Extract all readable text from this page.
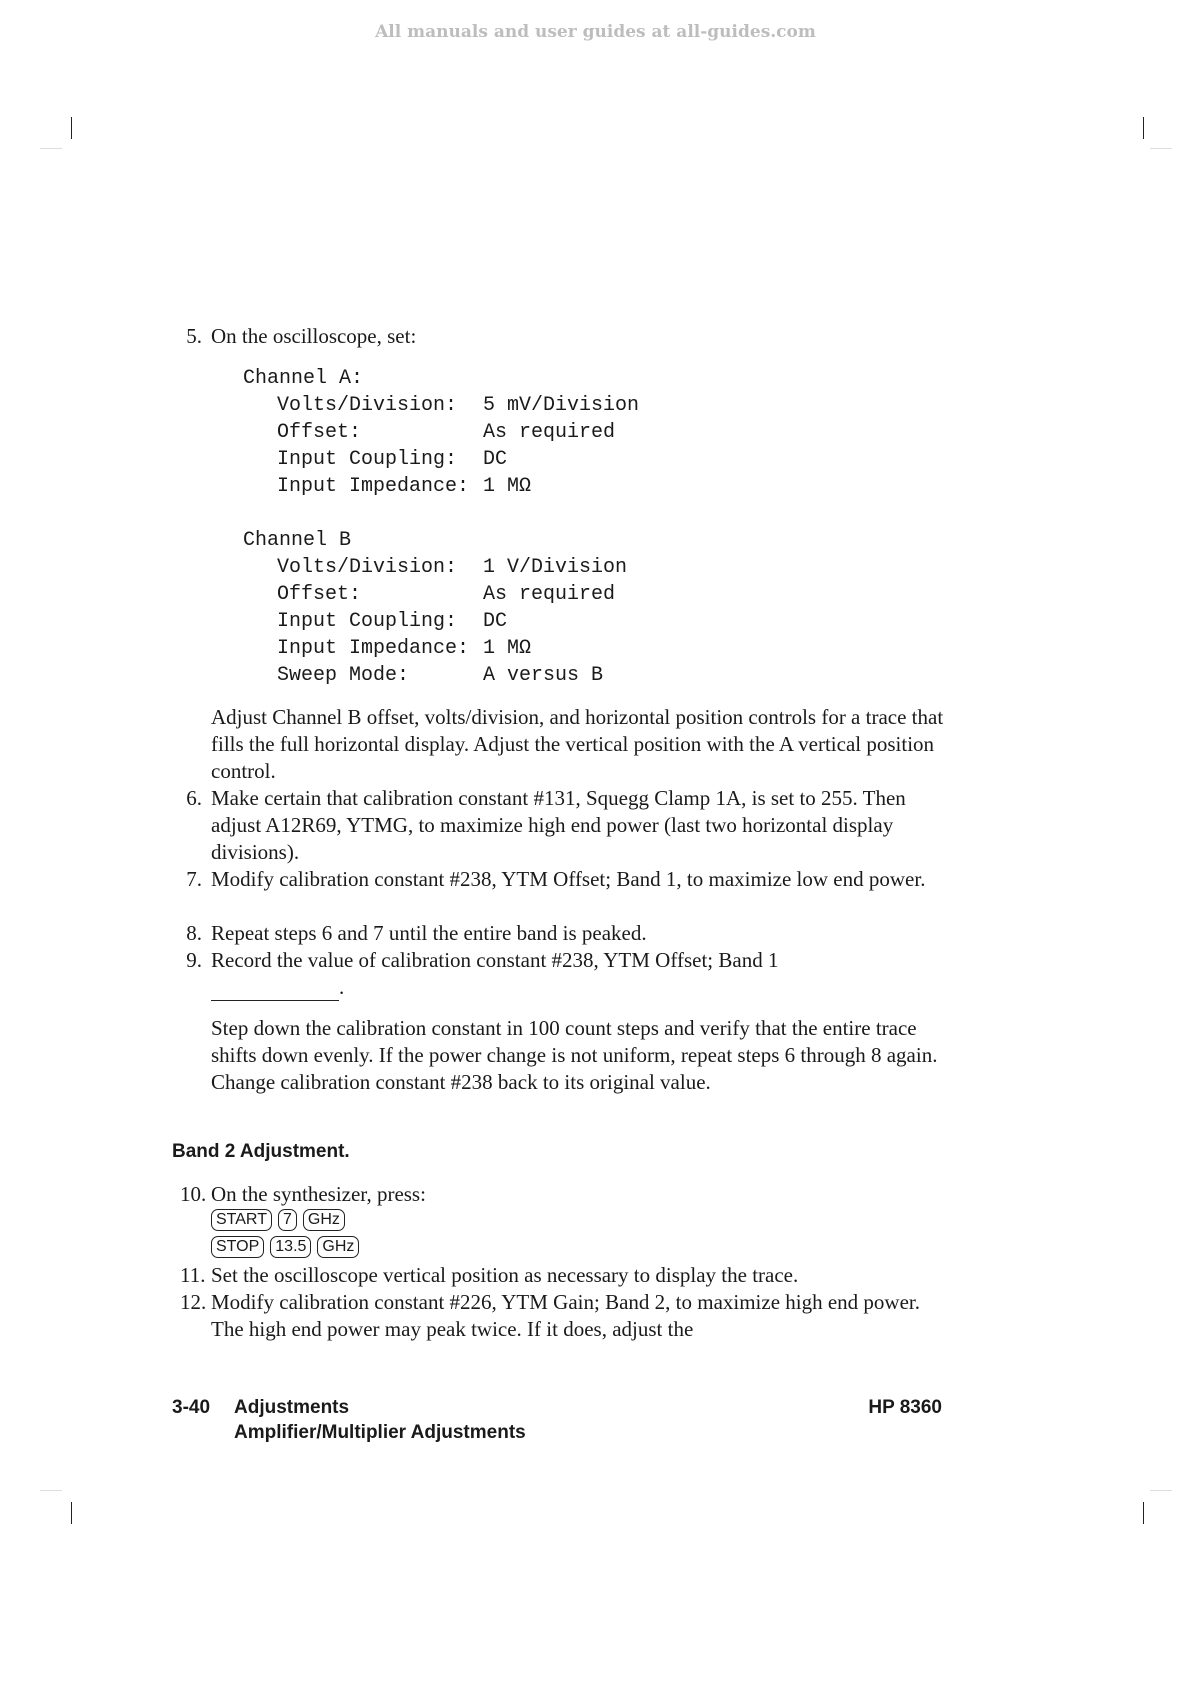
All manuals and user guides at all-guides.com
5. On the oscilloscope, set:
Channel A:
Volts/Division: 5 mV/Division
Offset:	As required
Input Coupling: DC
Input Impedance: 1 MΩ
Channel B
Volts/Division: 1 V/Division
Offset:	As required
Input Coupling: DC
Input Impedance: 1 MΩ
Sweep Mode:	A versus B
Adjust Channel B offset, volts/division, and horizontal position controls for a trace that fills the full horizontal display. Adjust the vertical position with the A vertical position control.
6. Make certain that calibration constant #131, Squegg Clamp 1A, is set to 255. Then adjust A12R69, YTMG, to maximize high end power (last two horizontal display divisions).
7. Modify calibration constant #238, YTM Offset; Band 1, to maximize low end power.
8. Repeat steps 6 and 7 until the entire band is peaked.
9. Record the value of calibration constant #238, YTM Offset; Band 1
.
Step down the calibration constant in 100 count steps and verify that the entire trace shifts down evenly. If the power change is not uniform, repeat steps 6 through 8 again. Change calibration constant #238 back to its original value.
Band 2 Adjustment.
10. On the synthesizer, press:
START 7 GHz
STOP 13.5 GHz
11. Set the oscilloscope vertical position as necessary to display the trace.
12. Modify calibration constant #226, YTM Gain; Band 2, to maximize high end power. The high end power may peak twice. If it does, adjust the
3-40 Adjustments
Amplifier/Multiplier Adjustments
HP 8360
